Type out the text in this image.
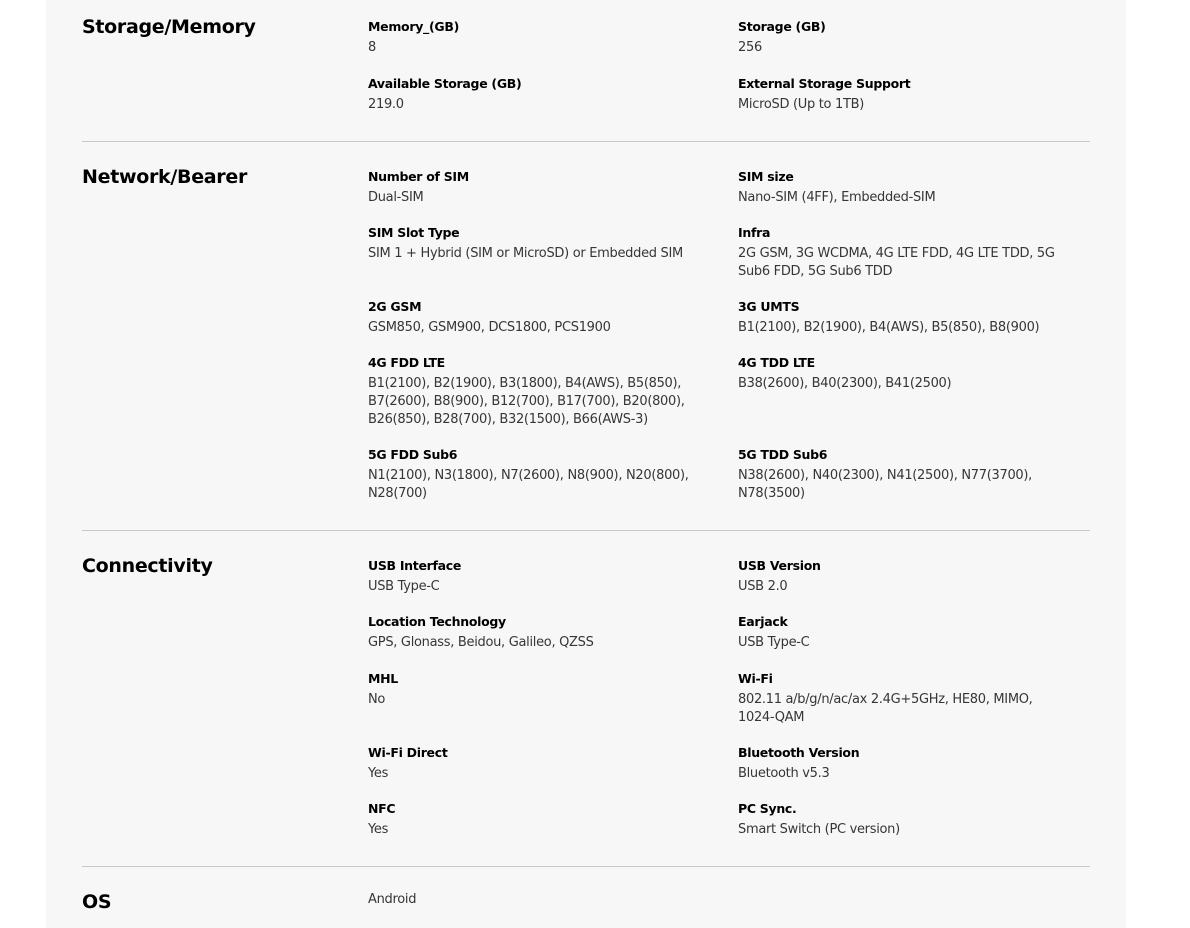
Storage/Memory	Memory_(GB)
8
Storage (GB)
256
Available Storage (GB)
219.0
External Storage Support
MicroSD (Up to 1TB)
Network/Bearer	Number of SIM
Dual-SIM
SIM size
Nano-SIM (4FF), Embedded-SIM
SIM Slot Type
SIM 1 + Hybrid (SIM or MicroSD) or Embedded SIM
Infra
2G GSM, 3G WCDMA, 4G LTE FDD, 4G LTE TDD, 5G Sub6 FDD, 5G Sub6 TDD
2G GSM
GSM850, GSM900, DCS1800, PCS1900
3G UMTS
B1(2100), B2(1900), B4(AWS), B5(850), B8(900)
4G FDD LTE
B1(2100), B2(1900), B3(1800), B4(AWS), B5(850), B7(2600), B8(900), B12(700), B17(700), B20(800), B26(850), B28(700), B32(1500), B66(AWS-3)
4G TDD LTE
B38(2600), B40(2300), B41(2500)
5G FDD Sub6
N1(2100), N3(1800), N7(2600), N8(900), N20(800), N28(700)
5G TDD Sub6
N38(2600), N40(2300), N41(2500), N77(3700), N78(3500)
Connectivity	USB Interface
USB Type-C
USB Version
USB 2.0
Location Technology
GPS, Glonass, Beidou, Galileo, QZSS
Earjack
USB Type-C
MHL
No
Wi-Fi
802.11 a/b/g/n/ac/ax 2.4G+5GHz, HE80, MIMO, 1024-QAM
Wi-Fi Direct
Yes
Bluetooth Version
Bluetooth v5.3
NFC
Yes
PC Sync.
Smart Switch (PC version)
OS	Android
